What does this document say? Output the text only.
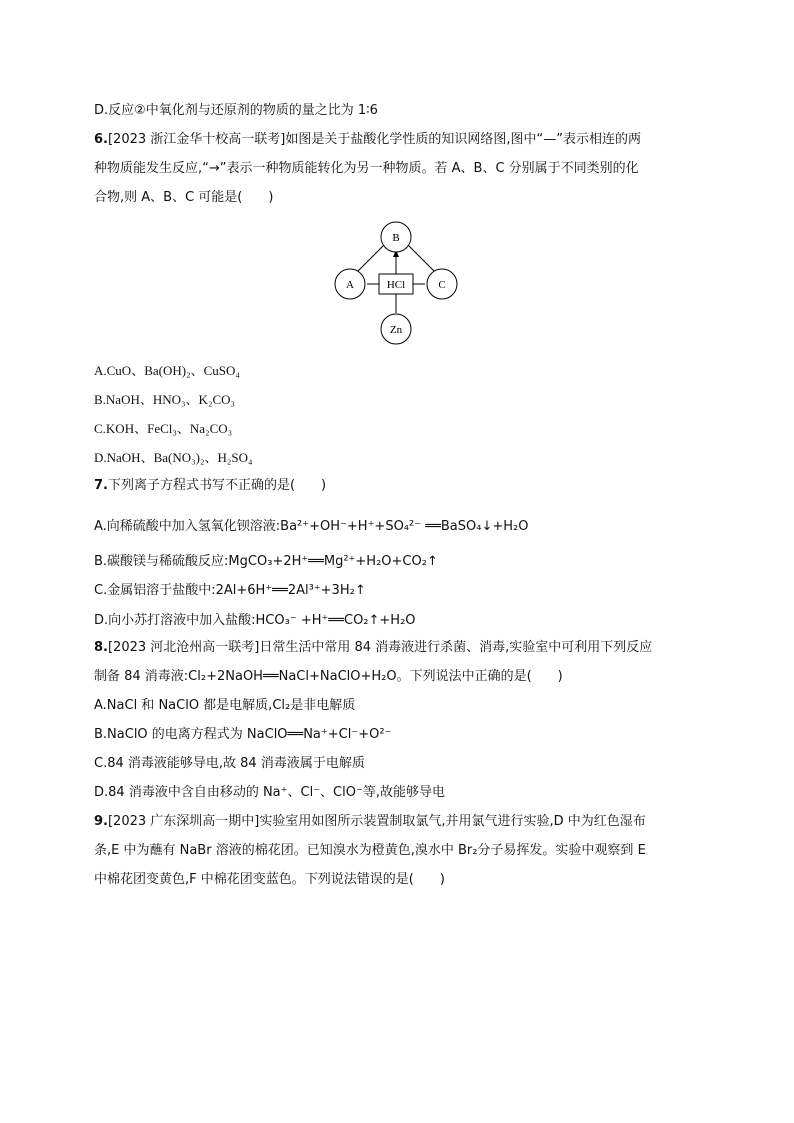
D.反应②中氧化剂与还原剂的物质的量之比为 1∶6
6.[2023 浙江金华十校高一联考]如图是关于盐酸化学性质的知识网络图,图中“—”表示相连的两
种物质能发生反应,“→”表示一种物质能转化为另一种物质。若 A、B、C 分别属于不同类别的化
合物,则 A、B、C 可能是(　　)
B
A	HCl	C
Zn
A.CuO、Ba(OH)₂、CuSO₄
B.NaOH、HNO₃、K₂CO₃
C.KOH、FeCl₃、Na₂CO₃
D.NaOH、Ba(NO₃)₂、H₂SO₄
7.下列离子方程式书写不正确的是(　　)
A.向稀硫酸中加入氢氧化钡溶液:Ba²⁺+OH⁻+H⁺+SO₄²⁻ ══BaSO₄↓+H₂O
B.碳酸镁与稀硫酸反应:MgCO₃+2H⁺══Mg²⁺+H₂O+CO₂↑
C.金属铝溶于盐酸中:2Al+6H⁺══2Al³⁺+3H₂↑
D.向小苏打溶液中加入盐酸:HCO₃⁻ +H⁺══CO₂↑+H₂O
8.[2023 河北沧州高一联考]日常生活中常用 84 消毒液进行杀菌、消毒,实验室中可利用下列反应
制备 84 消毒液:Cl₂+2NaOH══NaCl+NaClO+H₂O。下列说法中正确的是(　　)
A.NaCl 和 NaClO 都是电解质,Cl₂是非电解质
B.NaClO 的电离方程式为 NaClO══Na⁺+Cl⁻+O²⁻
C.84 消毒液能够导电,故 84 消毒液属于电解质
D.84 消毒液中含自由移动的 Na⁺、Cl⁻、ClO⁻等,故能够导电
9.[2023 广东深圳高一期中]实验室用如图所示装置制取氯气,并用氯气进行实验,D 中为红色湿布
条,E 中为蘸有 NaBr 溶液的棉花团。已知溴水为橙黄色,溴水中 Br₂分子易挥发。实验中观察到 E
中棉花团变黄色,F 中棉花团变蓝色。下列说法错误的是(　　)
